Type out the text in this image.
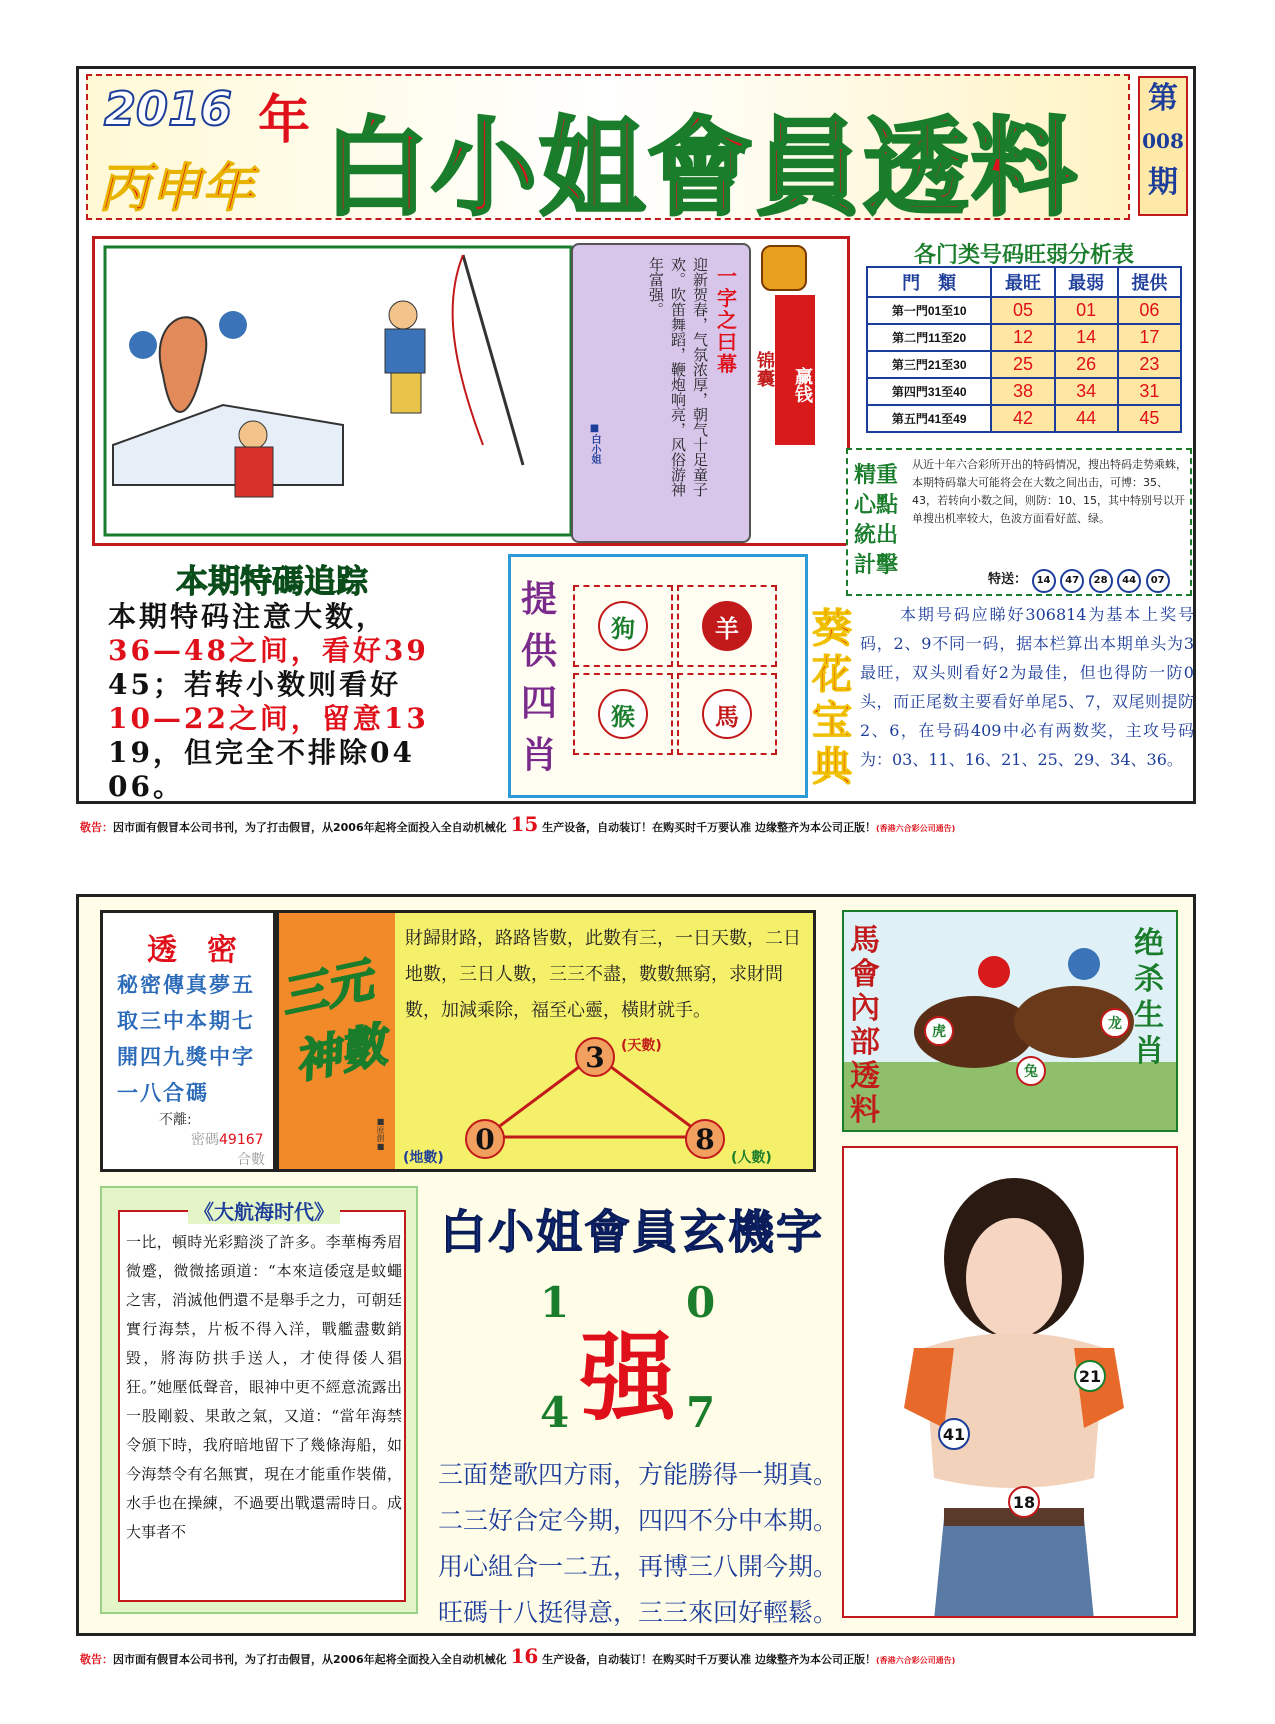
2016 年
丙申年 白小姐會員透料
第
008
期
一字之曰幕
迎新贺春，气氛浓厚，朝气十足童子欢。吹笛舞蹈，鞭炮响亮，风俗游神年富强。
■白小姐
赢钱
锦囊
各门类号码旺弱分析表
門　類	最旺	最弱	提供
第一門01至10	05	01	06
第二門11至20	12	14	17
第三門21至30	25	26	23
第四門31至40	38	34	31
第五門41至49	42	44	45
精重心點統出計擊
从近十年六合彩所开出的特码情况，搜出特码走势乘蛛，本期特码靠大可能将会在大数之间出击，可博：35、43，若转向小数之间，则防：10、15，其中特别号以开单搜出机率较大，色波方面看好蓝、绿。
特送： 14 47 28 44 07
本期特碼追踪
本期特码注意大数，
36—48之间，看好39
45；若转小数则看好
10—22之间，留意13
19，但完全不排除04
06。
提供四肖
狗	羊
猴	馬
葵花宝典
本期号码应睇好306814为基本上奖号码，2、9不同一码，据本栏算出本期单头为3最旺，双头则看好2为最佳，但也得防一防0头，而正尾数主要看好单尾5、7，双尾则提防2、6，在号码409中必有两数奖，主攻号码为：03、11、16、21、25、29、34、36。
敬告：因市面有假冒本公司书刊，为了打击假冒，从2006年起将全面投入全自动机械化 15 生产设备，自动装订！在购买时千万要认准 边缘整齐为本公司正版！(香港六合彩公司通告)
透　密
秘密傳真夢五取三中本期七開四九獎中字一八合碼
不離:
密碼49167
合數
三元神數
■原創■
財歸財路，路路皆數，此數有三，一日天數，二日地數，三日人數，三三不盡，數數無窮，求財問數，加減乘除，福至心靈，橫財就手。
3	(天數)
0
(地數)
8
(人數)
馬會內部透料
绝杀生肖
虎
兔
龙
《大航海时代》
一比，頓時光彩黯淡了許多。李華梅秀眉微蹙，微微搖頭道：“本來這倭寇是蚊蠅之害，消滅他們還不是舉手之力，可朝廷實行海禁，片板不得入洋，戰艦盡數銷毀，將海防拱手送人，才使得倭人猖狂。”她壓低聲音，眼神中更不經意流露出一股剛毅、果敢之氣，又道：“當年海禁令頒下時，我府暗地留下了幾條海船，如今海禁令有名無實，現在才能重作裝備，水手也在操練，不過要出戰還需時日。成大事者不
白小姐會員玄機字
1	0
强
4	7
三面楚歌四方雨，方能勝得一期真。
二三好合定今期，四四不分中本期。
用心組合一二五，再博三八開今期。
旺碼十八挺得意，三三來回好輕鬆。
21
41
18
敬告：因市面有假冒本公司书刊，为了打击假冒，从2006年起将全面投入全自动机械化 16 生产设备，自动装订！在购买时千万要认准 边缘整齐为本公司正版！(香港六合彩公司通告)
